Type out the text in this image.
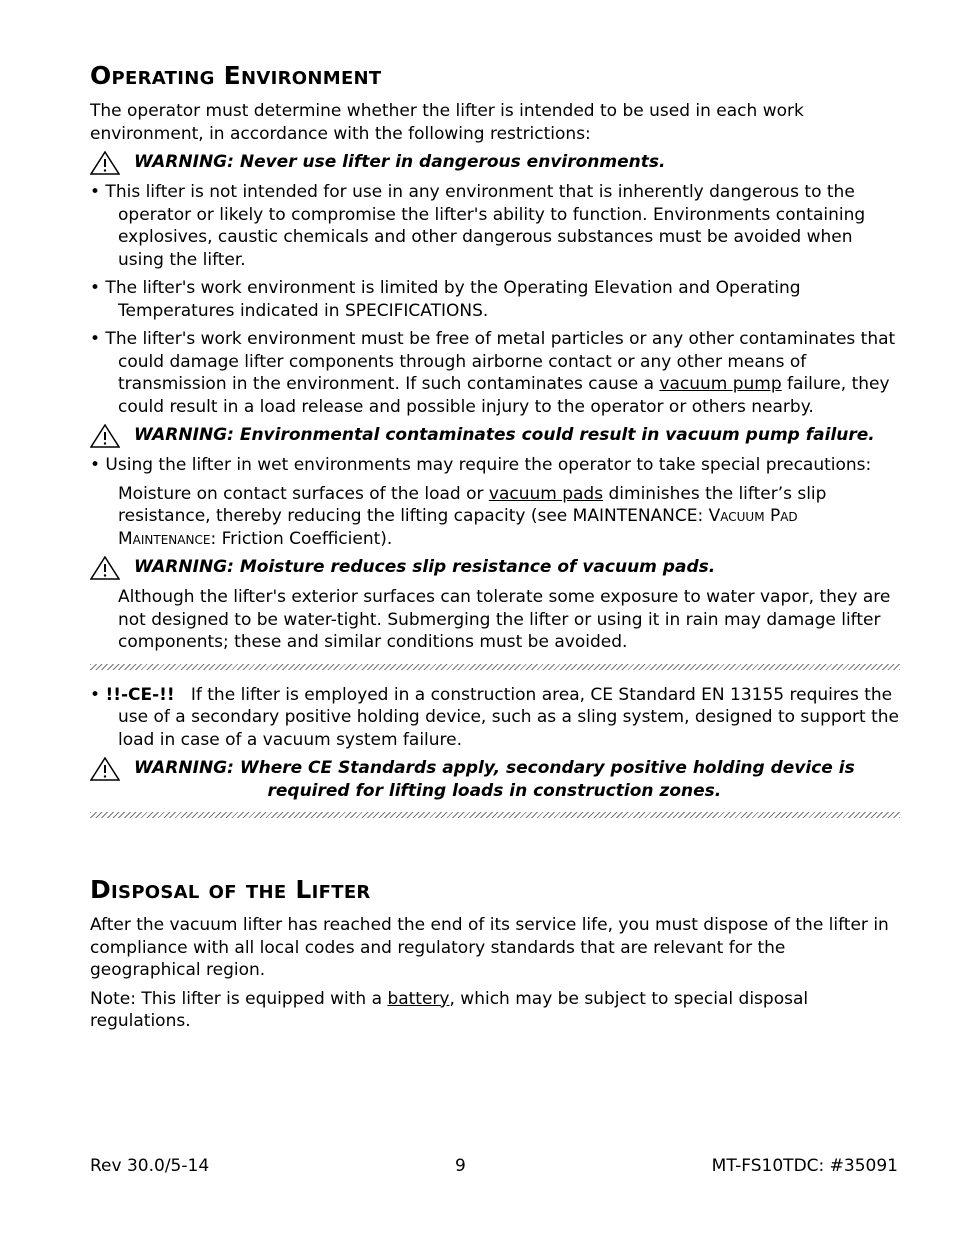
Operating Environment

The operator must determine whether the lifter is intended to be used in each work environment, in accordance with the following restrictions:

WARNING: Never use lifter in dangerous environments.

• This lifter is not intended for use in any environment that is inherently dangerous to the operator or likely to compromise the lifter's ability to function. Environments containing explosives, caustic chemicals and other dangerous substances must be avoided when using the lifter.

• The lifter's work environment is limited by the Operating Elevation and Operating Temperatures indicated in SPECIFICATIONS.

• The lifter's work environment must be free of metal particles or any other contaminates that could damage lifter components through airborne contact or any other means of transmission in the environment. If such contaminates cause a vacuum pump failure, they could result in a load release and possible injury to the operator or others nearby.

WARNING: Environmental contaminates could result in vacuum pump failure.

• Using the lifter in wet environments may require the operator to take special precautions:

Moisture on contact surfaces of the load or vacuum pads diminishes the lifter’s slip resistance, thereby reducing the lifting capacity (see MAINTENANCE: Vacuum Pad Maintenance: Friction Coefficient).

WARNING: Moisture reduces slip resistance of vacuum pads.

Although the lifter's exterior surfaces can tolerate some exposure to water vapor, they are not designed to be water-tight. Submerging the lifter or using it in rain may damage lifter components; these and similar conditions must be avoided.

• !!-CE-!!   If the lifter is employed in a construction area, CE Standard EN 13155 requires the use of a secondary positive holding device, such as a sling system, designed to support the load in case of a vacuum system failure.

WARNING: Where CE Standards apply, secondary positive holding device is
required for lifting loads in construction zones.
Disposal of the Lifter

After the vacuum lifter has reached the end of its service life, you must dispose of the lifter in compliance with all local codes and regulatory standards that are relevant for the geographical region.

Note: This lifter is equipped with a battery, which may be subject to special disposal regulations.

Rev 30.0/5-14	9	MT-FS10TDC: #35091
